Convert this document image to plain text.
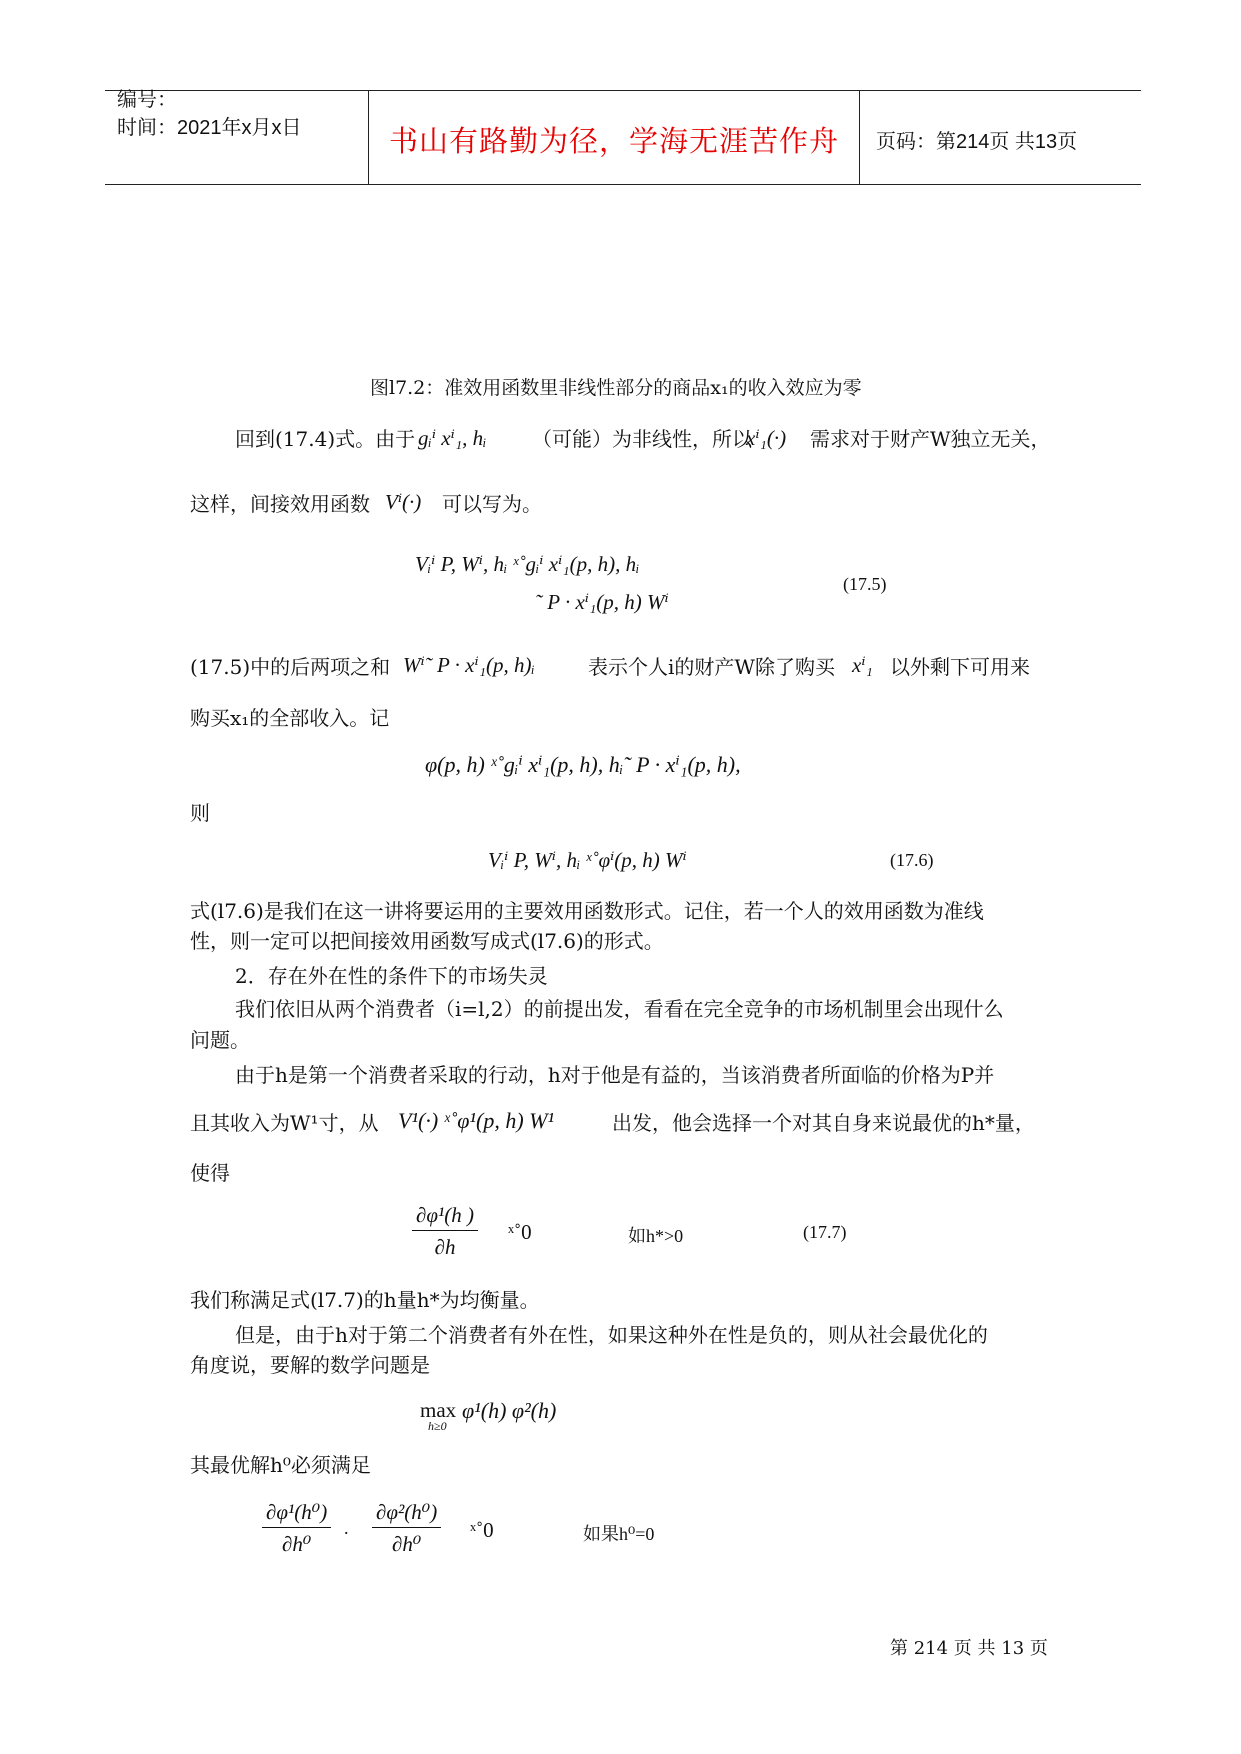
编号：
时间：2021年x月x日	书山有路勤为径，学海无涯苦作舟	页码：第214页 共13页
图l7.2：准效用函数里非线性部分的商品x₁的收入效应为零
回到(17.4)式。由于 gᵢⁱ xⁱ₁, hᵢ （可能）为非线性，所以
xⁱ₁(·) 需求对于财产W独立无关，
这样，间接效用函数 Vⁱ(·) 可以写为。
Vᵢⁱ P, Wⁱ, hᵢ ˣ˚gᵢⁱ xⁱ₁(p, h), hᵢ
˜ P · xⁱ₁(p, h) Wⁱ
(17.5)
(17.5)中的后两项之和 Wⁱ˜ P · xⁱ₁(p, h)ᵢ	表示个人i的财产W除了购买 xⁱ₁ 以外剩下可用来
购买x₁的全部收入。记
φ(p, h) ˣ˚gᵢⁱ xⁱ₁(p, h), hᵢ˜ P · xⁱ₁(p, h),
则
Vᵢⁱ P, Wⁱ, hᵢ ˣ˚φⁱ(p, h) Wⁱ	(17.6)
式(l7.6)是我们在这一讲将要运用的主要效用函数形式。记住，若一个人的效用函数为准线
性，则一定可以把间接效用函数写成式(l7.6)的形式。
2．存在外在性的条件下的市场失灵
我们依旧从两个消费者（i=l,2）的前提出发，看看在完全竞争的市场机制里会出现什么
问题。
由于h是第一个消费者采取的行动，h对于他是有益的，当该消费者所面临的价格为P并
且其收入为W¹寸，从 V¹(·) ˣ˚φ¹(p, h) W¹	出发，他会选择一个对其自身来说最优的h*量，
使得
$\frac{\text{∂φ¹(h )}}{\partial h}$ ˣ˚0	如h*>0	(17.7)
我们称满足式(l7.7)的h量h*为均衡量。
但是，由于h对于第二个消费者有外在性，如果这种外在性是负的，则从社会最优化的
角度说，要解的数学问题是
max
h≥0
φ¹(h) φ²(h)
其最优解h⁰必须满足
$\frac{\text{∂φ¹(h⁰)}}{\text{∂h⁰}}$ . $\frac{\text{∂φ²(h⁰)}}{\text{∂h⁰}}$ ˣ˚0	如果h⁰=0
第 214 页 共 13 页
